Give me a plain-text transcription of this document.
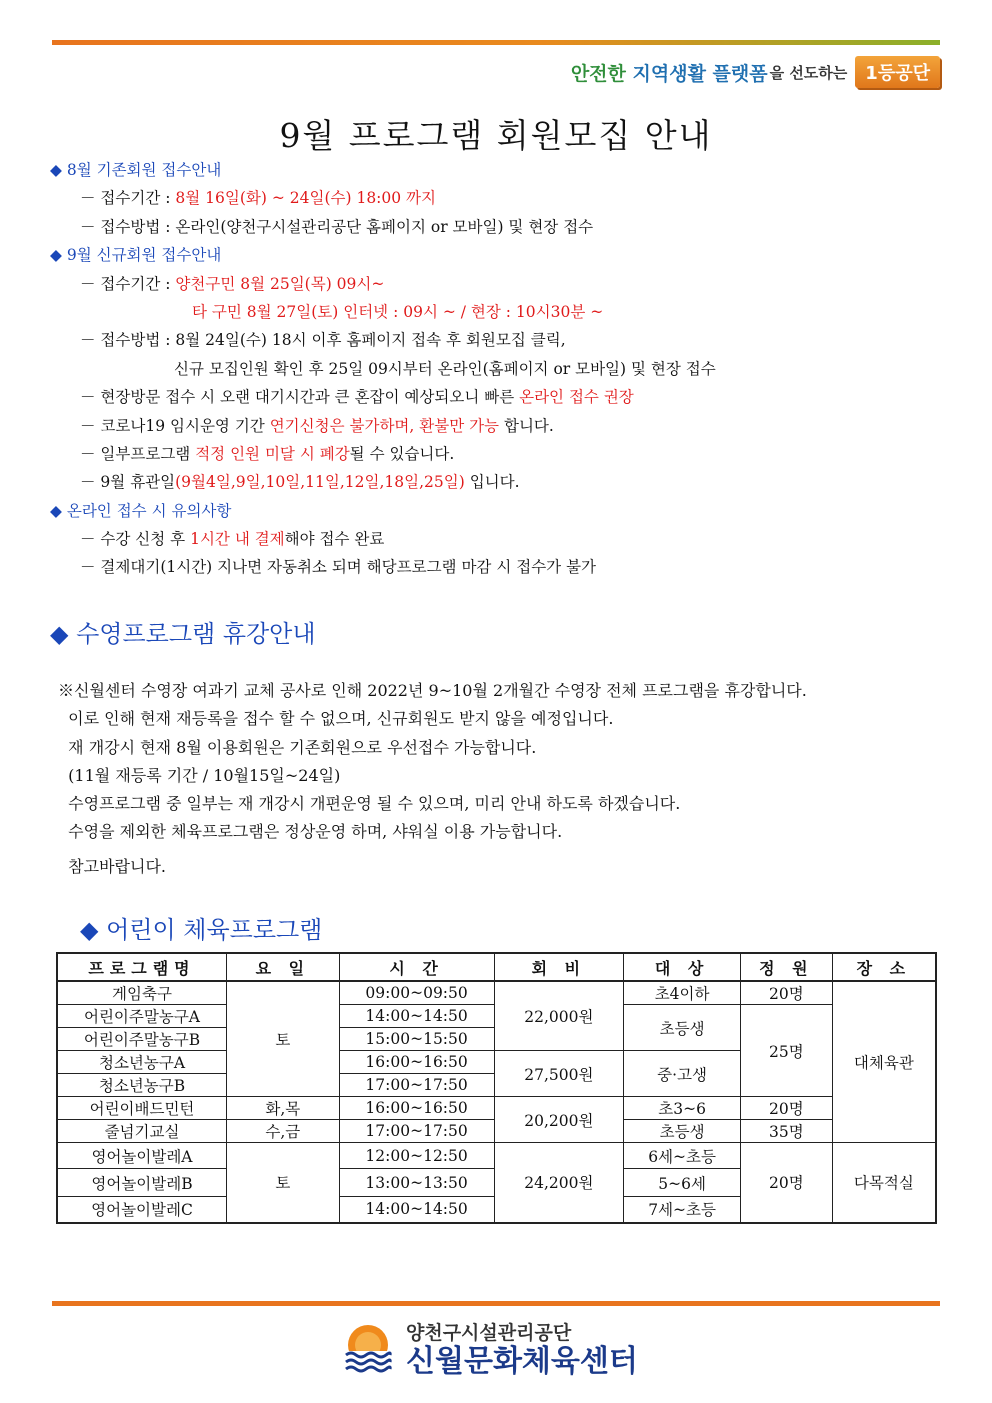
안전한
지역생활 플랫폼 을 선도하는	1등공단
9월 프로그램 회원모집 안내
◆ 8월 기존회원 접수안내
－ 접수기간 : 8월 16일(화) ~ 24일(수) 18:00 까지
－ 접수방법 : 온라인(양천구시설관리공단 홈페이지 or 모바일) 및 현장 접수
◆ 9월 신규회원 접수안내
－ 접수기간 : 양천구민 8월 25일(목) 09시~
타 구민 8월 27일(토) 인터넷 : 09시 ~ / 현장 : 10시30분 ~
－ 접수방법 : 8월 24일(수) 18시 이후 홈페이지 접속 후 회원모집 클릭,
신규 모집인원 확인 후 25일 09시부터 온라인(홈페이지 or 모바일) 및 현장 접수
－ 현장방문 접수 시 오랜 대기시간과 큰 혼잡이 예상되오니 빠른 온라인 접수 권장
－ 코로나19 임시운영 기간 연기신청은 불가하며, 환불만 가능 합니다.
－ 일부프로그램 적정 인원 미달 시 폐강될 수 있습니다.
－ 9월 휴관일(9월4일,9일,10일,11일,12일,18일,25일) 입니다.
◆ 온라인 접수 시 유의사항
－ 수강 신청 후 1시간 내 결제해야 접수 완료
－ 결제대기(1시간) 지나면 자동취소 되며 해당프로그램 마감 시 접수가 불가
◆ 수영프로그램 휴강안내
※신월센터 수영장 여과기 교체 공사로 인해 2022년 9~10월 2개월간 수영장 전체 프로그램을 휴강합니다.
이로 인해 현재 재등록을 접수 할 수 없으며, 신규회원도 받지 않을 예정입니다.
재 개강시 현재 8월 이용회원은 기존회원으로 우선접수 가능합니다.
(11월 재등록 기간 / 10월15일~24일)
수영프로그램 중 일부는 재 개강시 개편운영 될 수 있으며, 미리 안내 하도록 하겠습니다.
수영을 제외한 체육프로그램은 정상운영 하며, 샤워실 이용 가능합니다.
참고바랍니다.
◆ 어린이 체육프로그램
프로그램명	요 일	시 간	회 비	대 상	정 원	장 소
게임축구	토	09:00~09:50	22,000원	초4이하	20명	대체육관
어린이주말농구A		14:00~14:50		초등생	25명	
어린이주말농구B		15:00~15:50				
청소년농구A		16:00~16:50	27,500원	중·고생		
청소년농구B		17:00~17:50				
어린이배드민턴	화,목	16:00~16:50	20,200원	초3~6	20명	
줄넘기교실	수,금	17:00~17:50		초등생	35명	
영어놀이발레A	토	12:00~12:50	24,200원	6세~초등	20명	다목적실
영어놀이발레B		13:00~13:50		5~6세		
영어놀이발레C		14:00~14:50		7세~초등		
양천구시설관리공단
신월문화체육센터
